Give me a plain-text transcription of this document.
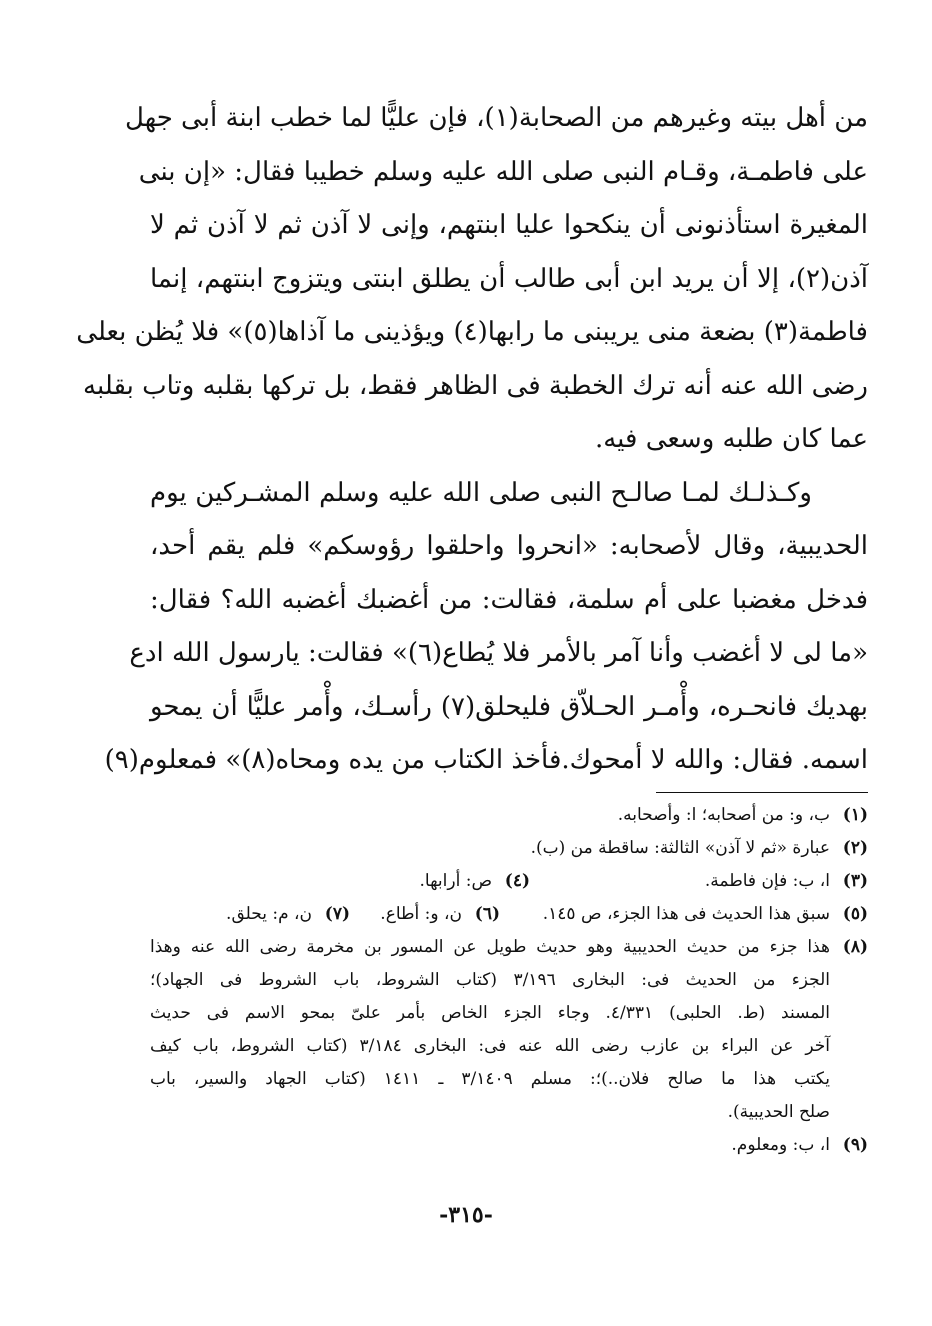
من أهل بيته وغيرهم من الصحابة(١)، فإن عليًّا لما خطب ابنة أبى جهل
على فاطمـة، وقـام النبى صلى الله عليه وسلم خطيبا فقال: «إن بنى
المغيرة استأذنونى أن ينكحوا عليا ابنتهم، وإنى لا آذن ثم لا آذن ثم لا
آذن(٢)، إلا أن يريد ابن أبى طالب أن يطلق ابنتى ويتزوج ابنتهم، إنما
فاطمة(٣) بضعة منى يريبنى ما رابها(٤) ويؤذينى ما آذاها(٥)» فلا يُظن بعلى
رضى الله عنه أنه ترك الخطبة فى الظاهر فقط، بل تركها بقلبه وتاب بقلبه
عما كان طلبه وسعى فيه.
وكـذلـك لمـا صالـح النبى صلى الله عليه وسلم المشـركين يوم
الحديبية، وقال لأصحابه: «انحروا واحلقوا رؤوسكم» فلم يقم أحد،
فدخل مغضبا على أم سلمة، فقالت: من أغضبك أغضبه الله؟ فقال:
«ما لى لا أغضب وأنا آمر بالأمر فلا يُطاع(٦)» فقالت: يارسول الله ادع
بهديك فانحـره، وأْمـر الحـلاّق فليحلق(٧) رأسـك، وأْمر عليًّا أن يمحو
اسمه. فقال: والله لا أمحوك.فأخذ الكتاب من يده ومحاه(٨)» فمعلوم(٩)
(١)
ب، و: من أصحابه؛ ا: وأصحابه.
(٢)
عبارة «ثم لا آذن» الثالثة: ساقطة من (ب).
(٣)
ا، ب: فإن فاطمة.
(٤)
ص: أرابها.
(٥)
سبق هذا الحديث فى هذا الجزء، ص ١٤٥.
(٦)
ن، و: أطاع.
(٧)
ن، م: يحلق.
(٨)
هذا جزء من حديث الحديبية وهو حديث طويل عن المسور بن مخرمة رضى الله عنه وهذا
الجزء من الحديث فى: البخارى ٣/١٩٦ (كتاب الشروط، باب الشروط فى الجهاد)؛
المسند (ط. الحلبى) ٤/٣٣١. وجاء الجزء الخاص بأمر علىّ بمحو الاسم فى حديث
آخر عن البراء بن عازب رضى الله عنه فى: البخارى ٣/١٨٤ (كتاب الشروط، باب كيف
يكتب هذا ما صالح فلان..)؛: مسلم ٣/١٤٠٩ ـ ١٤١١ (كتاب الجهاد والسير، باب
صلح الحديبية).
(٩)
ا، ب: ومعلوم.
-٣١٥-
